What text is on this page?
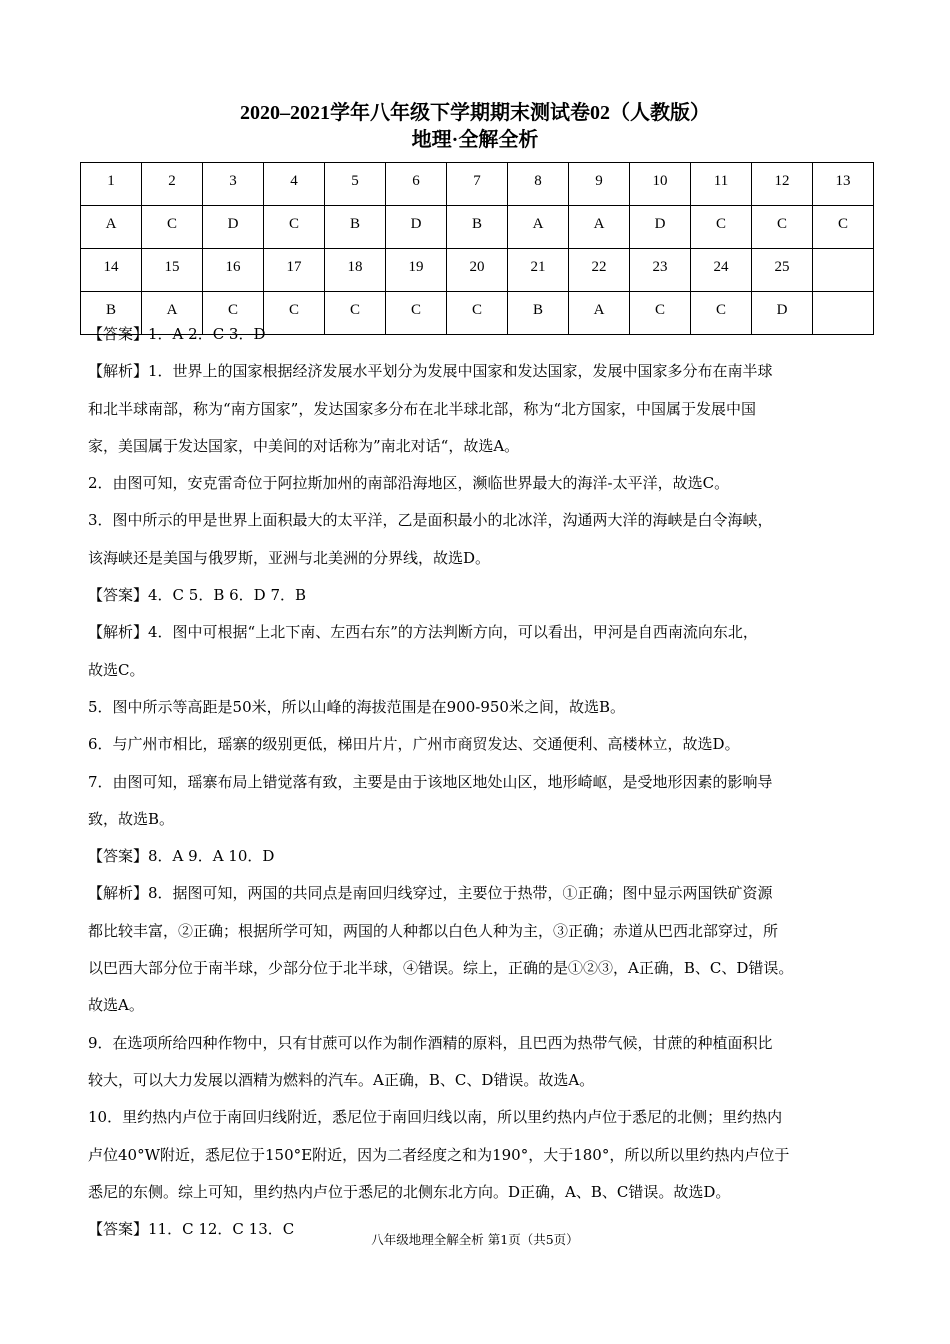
2020–2021学年八年级下学期期末测试卷02（人教版）
地理·全解全析
1	2	3	4	5	6	7	8	9	10	11	12	13
A	C	D	C	B	D	B	A	A	D	C	C	C
14	15	16	17	18	19	20	21	22	23	24	25	
B	A	C	C	C	C	C	B	A	C	C	D	

【答案】1．A 2．C 3．D

【解析】1．世界上的国家根据经济发展水平划分为发展中国家和发达国家，发展中国家多分布在南半球

和北半球南部，称为“南方国家”，发达国家多分布在北半球北部，称为“北方国家，中国属于发展中国

家，美国属于发达国家，中美间的对话称为”南北对话“，故选A。

2．由图可知，安克雷奇位于阿拉斯加州的南部沿海地区，濒临世界最大的海洋-太平洋，故选C。

3．图中所示的甲是世界上面积最大的太平洋，乙是面积最小的北冰洋，沟通两大洋的海峡是白令海峡，

该海峡还是美国与俄罗斯，亚洲与北美洲的分界线，故选D。

【答案】4．C 5．B 6．D 7．B

【解析】4．图中可根据“上北下南、左西右东”的方法判断方向，可以看出，甲河是自西南流向东北，

故选C。

5．图中所示等高距是50米，所以山峰的海拔范围是在900-950米之间，故选B。

6．与广州市相比，瑶寨的级别更低，梯田片片，广州市商贸发达、交通便利、高楼林立，故选D。

7．由图可知，瑶寨布局上错觉落有致，主要是由于该地区地处山区，地形崎岖，是受地形因素的影响导

致，故选B。

【答案】8．A 9．A 10．D

【解析】8．据图可知，两国的共同点是南回归线穿过，主要位于热带，①正确；图中显示两国铁矿资源

都比较丰富，②正确；根据所学可知，两国的人种都以白色人种为主，③正确；赤道从巴西北部穿过，所

以巴西大部分位于南半球，少部分位于北半球，④错误。综上，正确的是①②③，A正确，B、C、D错误。

故选A。

9．在选项所给四种作物中，只有甘蔗可以作为制作酒精的原料，且巴西为热带气候，甘蔗的种植面积比

较大，可以大力发展以酒精为燃料的汽车。A正确，B、C、D错误。故选A。

10．里约热内卢位于南回归线附近，悉尼位于南回归线以南，所以里约热内卢位于悉尼的北侧；里约热内

卢位40°W附近，悉尼位于150°E附近，因为二者经度之和为190°，大于180°，所以所以里约热内卢位于

悉尼的东侧。综上可知，里约热内卢位于悉尼的北侧东北方向。D正确，A、B、C错误。故选D。

【答案】11．C 12．C 13．C

八年级地理全解全析 第1页（共5页）
